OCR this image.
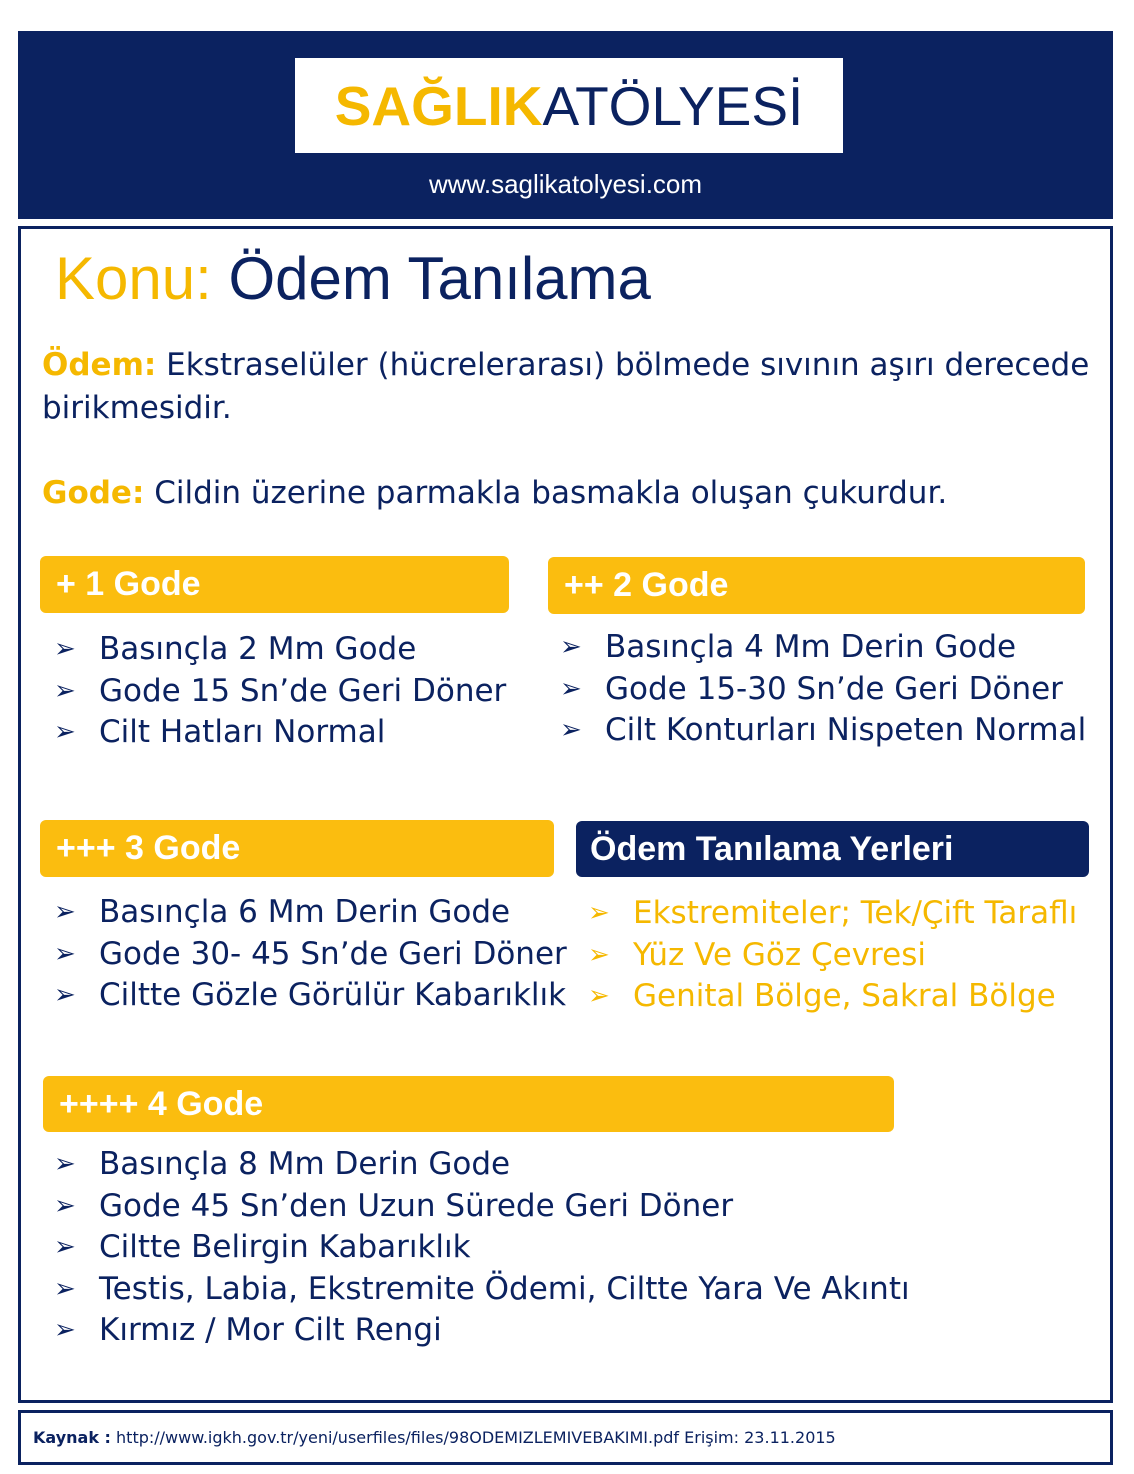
SAĞLIK ATÖLYESİ
www.saglikatolyesi.com
Konu: Ödem Tanılama
Ödem: Ekstraselüler (hücrelerarası) bölmede sıvının aşırı derecede birikmesidir.
Gode: Cildin üzerine parmakla basmakla oluşan çukurdur.
+ 1 Gode
➢ Basınçla 2 Mm Gode
➢ Gode 15 Sn’de Geri Döner
➢ Cilt Hatları Normal
++ 2 Gode
➢ Basınçla 4 Mm Derin Gode
➢ Gode 15-30 Sn’de Geri Döner
➢ Cilt Konturları Nispeten Normal
+++ 3 Gode
➢ Basınçla 6 Mm Derin Gode
➢ Gode 30- 45 Sn’de Geri Döner
➢ Ciltte Gözle Görülür Kabarıklık
Ödem Tanılama Yerleri
➢ Ekstremiteler; Tek/Çift Taraflı
➢ Yüz Ve Göz Çevresi
➢ Genital Bölge, Sakral Bölge
++++ 4 Gode
➢ Basınçla 8 Mm Derin Gode
➢ Gode 45 Sn’den Uzun Sürede Geri Döner
➢ Ciltte Belirgin Kabarıklık
➢ Testis, Labia, Ekstremite Ödemi, Ciltte Yara Ve Akıntı
➢ Kırmız / Mor Cilt Rengi
Kaynak : http://www.igkh.gov.tr/yeni/userfiles/files/98ODEMIZLEMIVEBAKIMI.pdf Erişim: 23.11.2015
